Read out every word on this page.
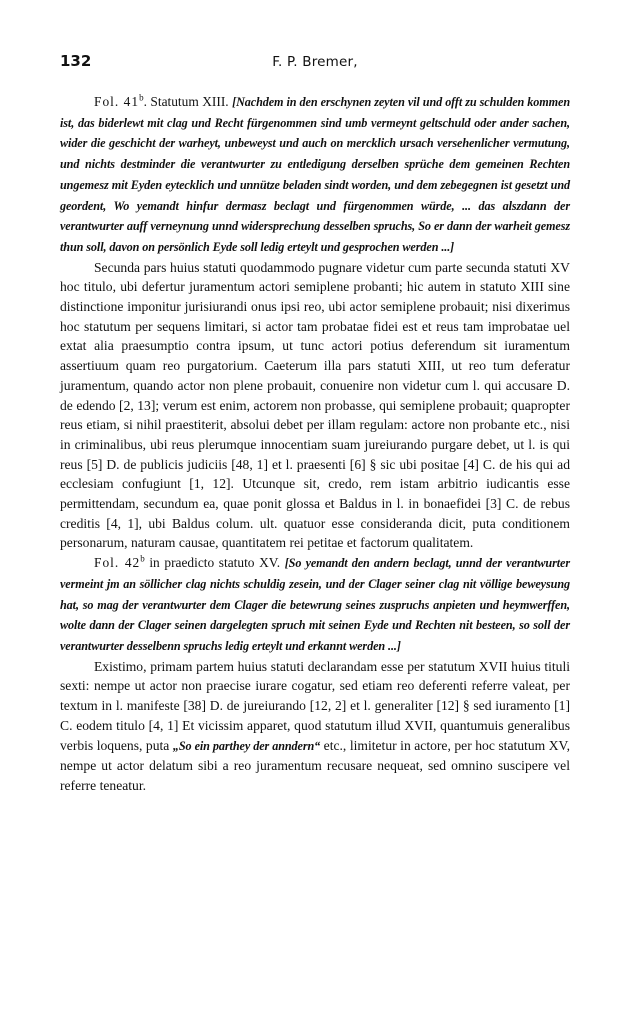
132	F. P. Bremer,

Fol. 41$^b$. Statutum XIII. [Nachdem in den erschynen zeyten vil und offt zu schulden kommen ist, das biderlewt mit clag und Recht fürgenommen sind umb vermeynt geltschuld oder ander sachen, wider die geschicht der warheyt, unbeweyst und auch on mercklich ursach versehenlicher vermutung, und nichts destminder die verantwurter zu entledigung derselben sprüche dem gemeinen Rechten ungemesz mit Eyden eytecklich und unnütze beladen sindt worden, und dem zebegegnen ist gesetzt und geordent, Wo yemandt hinfur dermasz beclagt und fürgenommen würde, ... das alszdann der verantwurter auff verneynung unnd widersprechung desselben spruchs, So er dann der warheit gemesz thun soll, davon on persönlich Eyde soll ledig erteylt und gesprochen werden ...]

Secunda pars huius statuti quodammodo pugnare videtur cum parte secunda statuti XV hoc titulo, ubi defertur juramentum actori semiplene probanti; hic autem in statuto XIII sine distinctione imponitur jurisiurandi onus ipsi reo, ubi actor semiplene probauit; nisi dixerimus hoc statutum per sequens limitari, si actor tam probatae fidei est et reus tam improbatae uel extat alia praesumptio contra ipsum, ut tunc actori potius deferendum sit iuramentum assertiuum quam reo purgatorium. Caeterum illa pars statuti XIII, ut reo tum deferatur juramentum, quando actor non plene probauit, conuenire non videtur cum l. qui accusare D. de edendo [2, 13]; verum est enim, actorem non probasse, qui semiplene probauit; quapropter reus etiam, si nihil praestiterit, absolui debet per illam regulam: actore non probante etc., nisi in criminalibus, ubi reus plerumque innocentiam suam jureiurando purgare debet, ut l. is qui reus [5] D. de publicis judiciis [48, 1] et l. praesenti [6] § sic ubi positae [4] C. de his qui ad ecclesiam confugiunt [1, 12]. Utcunque sit, credo, rem istam arbitrio iudicantis esse permittendam, secundum ea, quae ponit glossa et Baldus in l. in bonaefidei [3] C. de rebus creditis [4, 1], ubi Baldus colum. ult. quatuor esse consideranda dicit, puta conditionem personarum, naturam causae, quantitatem rei petitae et factorum qualitatem.

Fol. 42$^b$ in praedicto statuto XV. [So yemandt den andern beclagt, unnd der verantwurter vermeint jm an söllicher clag nichts schuldig zesein, und der Clager seiner clag nit völlige beweysung hat, so mag der verantwurter dem Clager die betewrung seines zuspruchs anpieten und heymwerffen, wolte dann der Clager seinen dargelegten spruch mit seinen Eyde und Rechten nit besteen, so soll der verantwurter desselbenn spruchs ledig erteylt und erkannt werden ...]

Existimo, primam partem huius statuti declarandam esse per statutum XVII huius tituli sexti: nempe ut actor non praecise iurare cogatur, sed etiam reo deferenti referre valeat, per textum in l. manifeste [38] D. de jureiurando [12, 2] et l. generaliter [12] § sed iuramento [1] C. eodem titulo [4, 1] Et vicissim apparet, quod statutum illud XVII, quantumuis generalibus verbis loquens, puta „So ein parthey der anndern“ etc., limitetur in actore, per hoc statutum XV, nempe ut actor delatum sibi a reo juramentum recusare nequeat, sed omnino suscipere vel referre teneatur.
